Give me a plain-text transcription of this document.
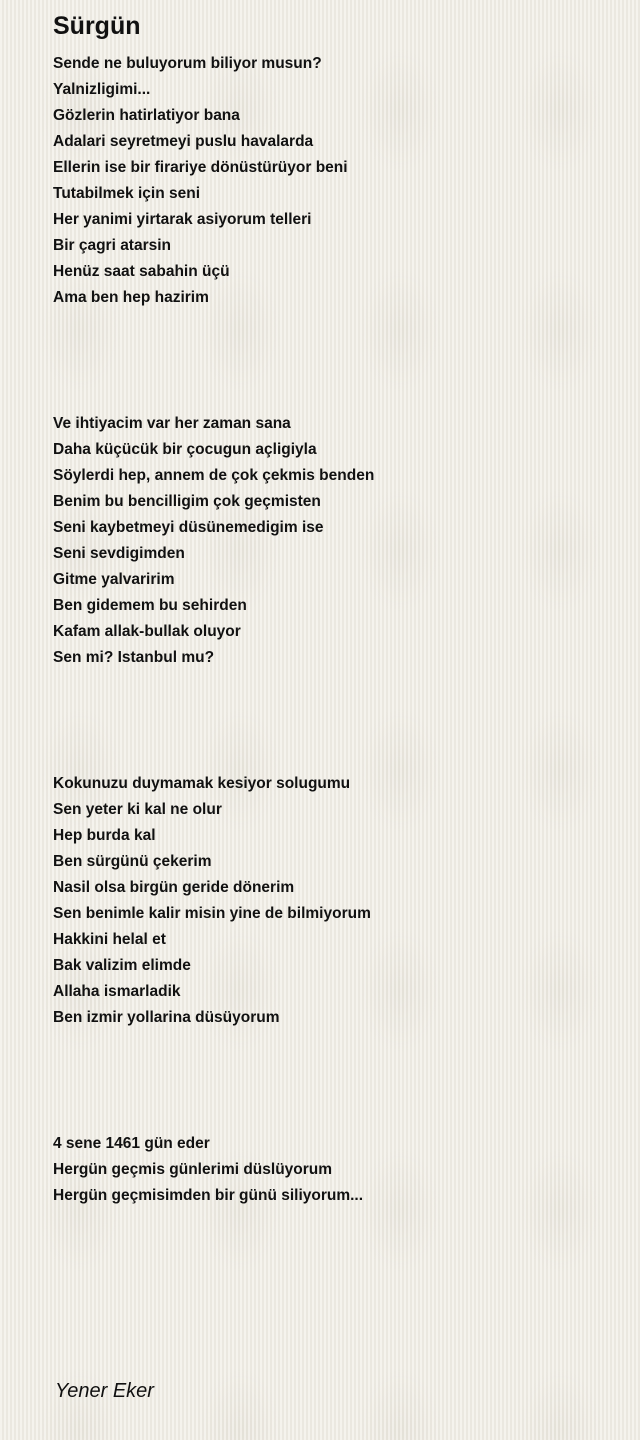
Sürgün
Sende ne buluyorum biliyor musun?
Yalnizligimi...
Gözlerin hatirlatiyor bana
Adalari seyretmeyi puslu havalarda
Ellerin ise bir firariye dönüstürüyor beni
Tutabilmek için seni
Her yanimi yirtarak asiyorum telleri
Bir çagri atarsin
Henüz saat sabahin üçü
Ama ben hep hazirim
Ve ihtiyacim var her zaman sana
Daha küçücük bir çocugun açligiyla
Söylerdi hep, annem de çok çekmis benden
Benim bu bencilligim çok geçmisten
Seni kaybetmeyi düsünemedigim ise
Seni sevdigimden
Gitme yalvaririm
Ben gidemem bu sehirden
Kafam allak-bullak oluyor
Sen mi? Istanbul mu?
Kokunuzu duymamak kesiyor solugumu
Sen yeter ki kal ne olur
Hep burda kal
Ben sürgünü çekerim
Nasil olsa birgün geride dönerim
Sen benimle kalir misin yine de bilmiyorum
Hakkini helal et
Bak valizim elimde
Allaha ismarladik
Ben izmir yollarina düsüyorum
4 sene 1461 gün eder
Hergün geçmis günlerimi düslüyorum
Hergün geçmisimden bir günü siliyorum...

Yener Eker
